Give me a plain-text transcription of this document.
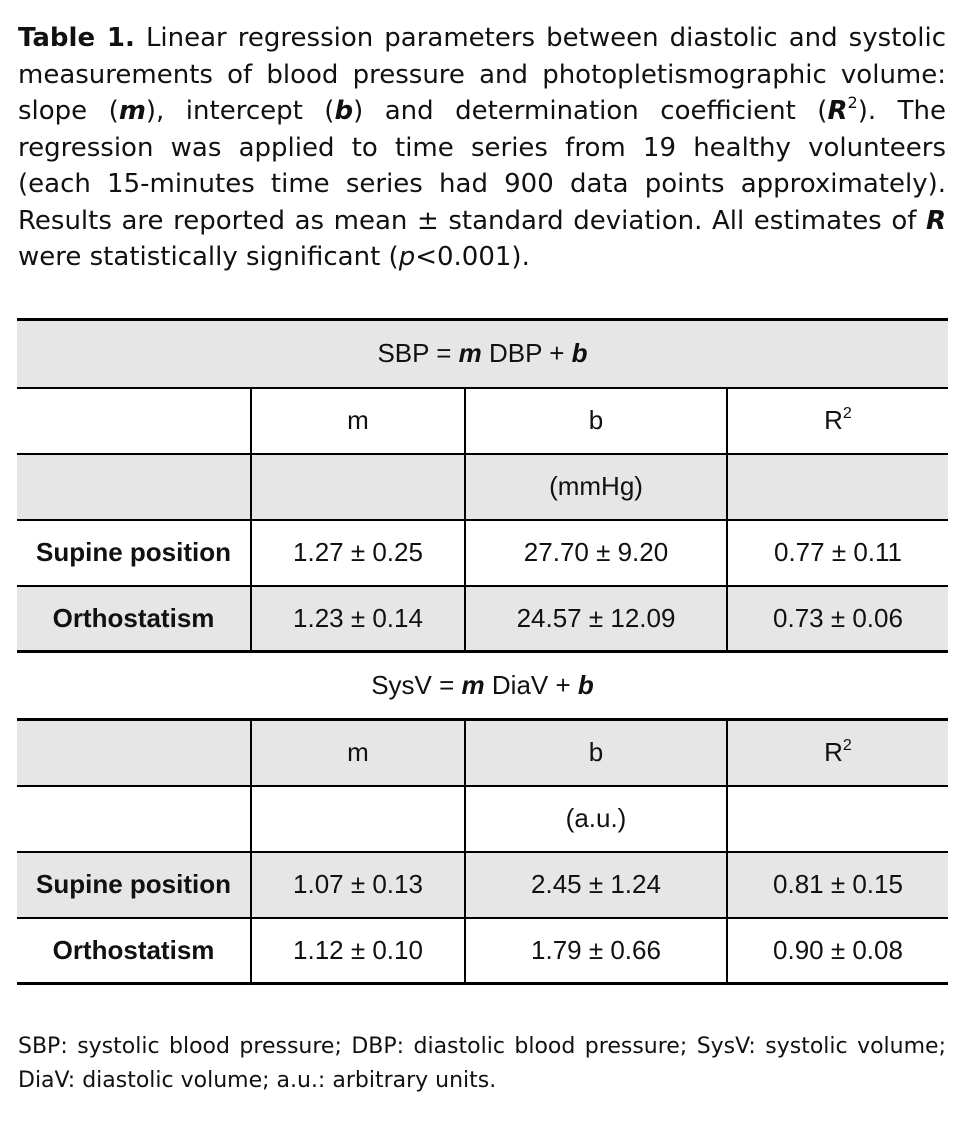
Table 1. Linear regression parameters between diastolic and systolic measurements of blood pressure and photopletismographic volume: slope (m), intercept (b) and determination coefficient $(R^2)$. The regression was applied to time series from 19 healthy volunteers (each 15-minutes time series had 900 data points approximately). Results are reported as mean ± standard deviation. All estimates of R were statistically significant (p<0.001).
SBP = m DBP + b			
	m	b	$R^2$
		(mmHg)	
Supine position	1.27 ± 0.25	27.70 ± 9.20	0.77 ± 0.11
Orthostatism	1.23 ± 0.14	24.57 ± 12.09	0.73 ± 0.06
SysV = m DiaV + b			
	m	b	$R^2$
		(a.u.)	
Supine position	1.07 ± 0.13	2.45 ± 1.24	0.81 ± 0.15
Orthostatism	1.12 ± 0.10	1.79 ± 0.66	0.90 ± 0.08
SBP: systolic blood pressure; DBP: diastolic blood pressure; SysV: systolic volume; DiaV: diastolic volume; a.u.: arbitrary units.
